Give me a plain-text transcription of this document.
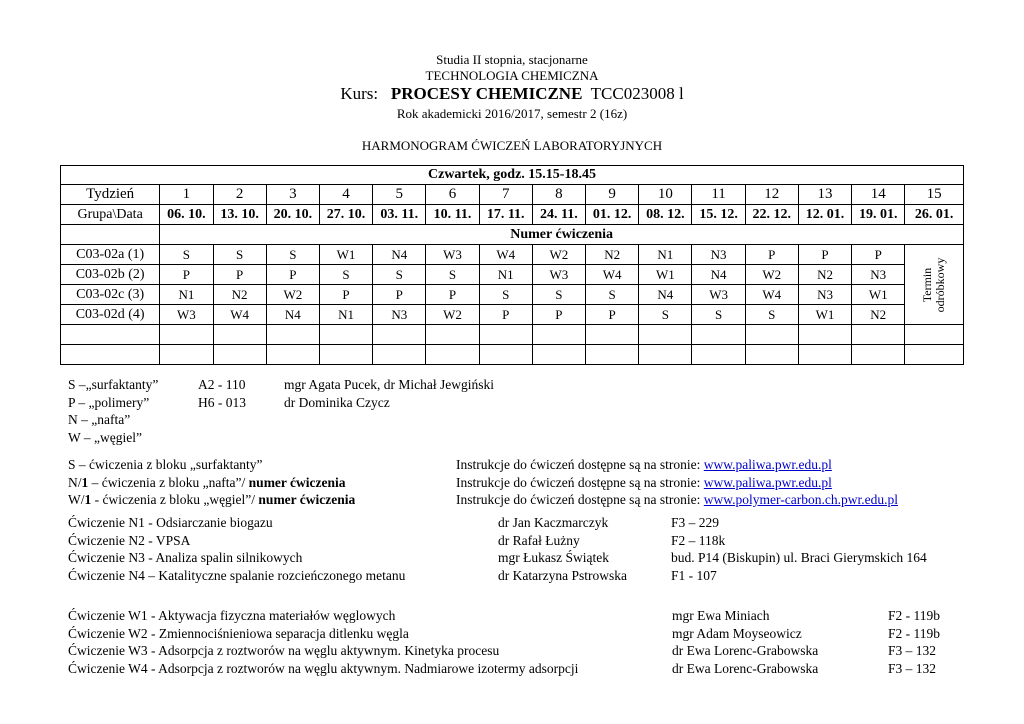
Studia II stopnia, stacjonarne
TECHNOLOGIA CHEMICZNA
Kurs: PROCESY CHEMICZNE TCC023008 l
Rok akademicki 2016/2017, semestr 2 (16z)
HARMONOGRAM ĆWICZEŃ LABORATORYJNYCH
Czwartek, godz. 15.15-18.45															
Tydzień	1	2	3	4	5	6	7	8	9	10	11	12	13	14	15
Grupa\Data	06. 10.	13. 10.	20. 10.	27. 10.	03. 11.	10. 11.	17. 11.	24. 11.	01. 12.	08. 12.	15. 12.	22. 12.	12. 01.	19. 01.	26. 01.
	Numer ćwiczenia														
C03-02a (1)	S	S	S	W1	N4	W3	W4	W2	N2	N1	N3	P	P	P	Termin odróbkowy

C03-02b (2)	P	P	P	S	S	S	N1	W3	W4	W1	N4	W2	N2	N3	
C03-02c (3)	N1	N2	W2	P	P	P	S	S	S	N4	W3	W4	N3	W1	
C03-02d (4)	W3	W4	N4	N1	N3	W2	P	P	P	S	S	S	W1	N2	

S –„surfaktanty”	A2 - 110	mgr Agata Pucek, dr Michał Jewgiński
P – „polimery”	H6 - 013	dr Dominika Czycz
N – „nafta”
W – „węgiel”
S – ćwiczenia z bloku „surfaktanty”	Instrukcje do ćwiczeń dostępne są na stronie: www.paliwa.pwr.edu.pl
N/1 – ćwiczenia z bloku „nafta”/ numer ćwiczenia	Instrukcje do ćwiczeń dostępne są na stronie: www.paliwa.pwr.edu.pl
W/1 - ćwiczenia z bloku „węgiel”/ numer ćwiczenia	Instrukcje do ćwiczeń dostępne są na stronie: www.polymer-carbon.ch.pwr.edu.pl
Ćwiczenie N1 - Odsiarczanie biogazu	dr Jan Kaczmarczyk	F3 – 229
Ćwiczenie N2 - VPSA	dr Rafał Łużny	F2 – 118k
Ćwiczenie N3 - Analiza spalin silnikowych	mgr Łukasz Świątek	bud. P14 (Biskupin) ul. Braci Gierymskich 164
Ćwiczenie N4 – Katalityczne spalanie rozcieńczonego metanu	dr Katarzyna Pstrowska	F1 - 107
Ćwiczenie W1 - Aktywacja fizyczna materiałów węglowych	mgr Ewa Miniach	F2 - 119b
Ćwiczenie W2 - Zmiennociśnieniowa separacja ditlenku węgla	mgr Adam Moyseowicz	F2 - 119b
Ćwiczenie W3 - Adsorpcja z roztworów na węglu aktywnym. Kinetyka procesu	dr Ewa Lorenc-Grabowska	F3 – 132
Ćwiczenie W4 - Adsorpcja z roztworów na węglu aktywnym. Nadmiarowe izotermy adsorpcji	dr Ewa Lorenc-Grabowska	F3 – 132
